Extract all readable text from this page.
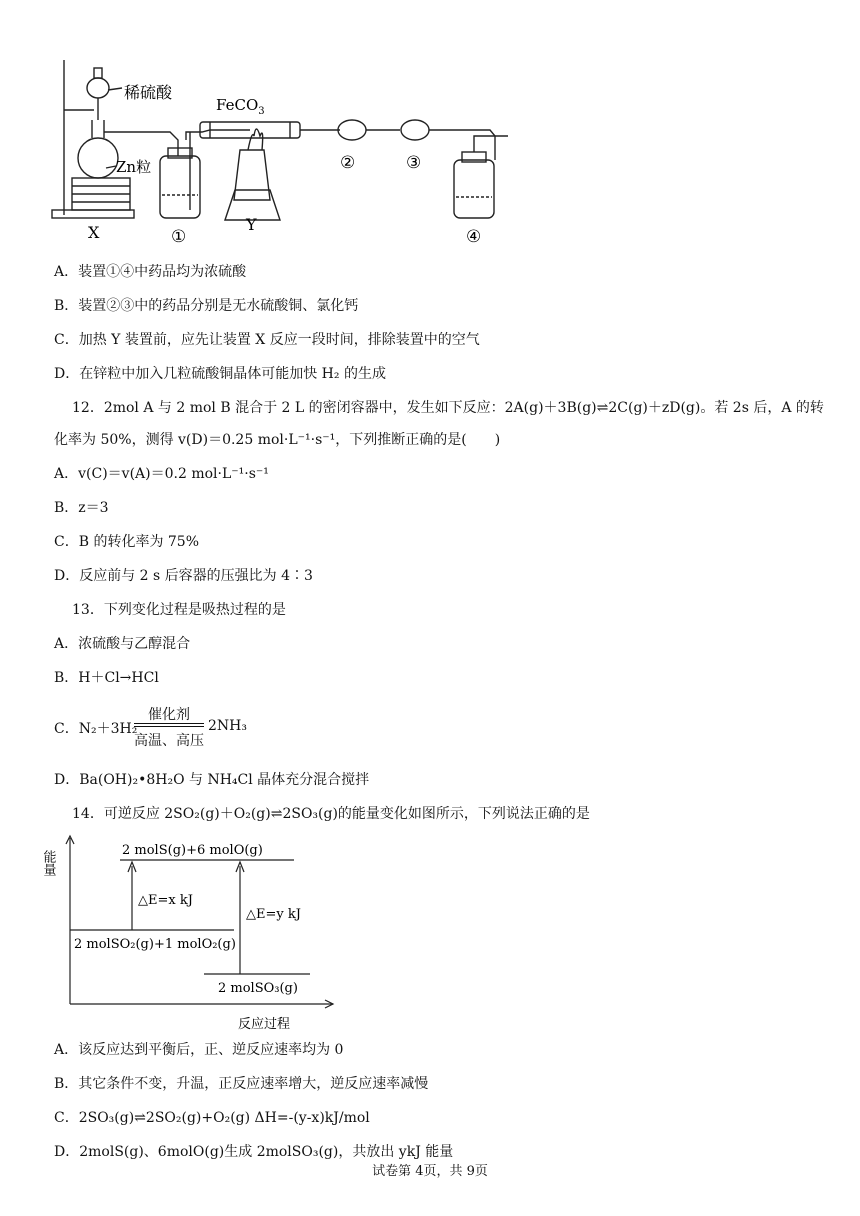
稀硫酸
FeCO$_3$
Zn粒
X	Y
①
②	③
④
A．装置①④中药品均为浓硫酸
B．装置②③中的药品分别是无水硫酸铜、氯化钙
C．加热 Y 装置前，应先让装置 X 反应一段时间，排除装置中的空气
D．在锌粒中加入几粒硫酸铜晶体可能加快 H₂ 的生成
12．2mol A 与 2 mol B 混合于 2 L 的密闭容器中，发生如下反应：2A(g)＋3B(g)⇌2C(g)＋zD(g)。若 2s 后，A 的转
化率为 50%，测得 v(D)＝0.25 mol·L⁻¹·s⁻¹，下列推断正确的是(　　)
A．v(C)＝v(A)＝0.2 mol·L⁻¹·s⁻¹
B．z＝3
C．B 的转化率为 75%
D．反应前与 2 s 后容器的压强比为 4∶3
13．下列变化过程是吸热过程的是
A．浓硫酸与乙醇混合
B．H＋Cl→HCl
C．N₂＋3H₂
催化剂
高温、高压
2NH₃
D．Ba(OH)₂•8H₂O 与 NH₄Cl 晶体充分混合搅拌
14．可逆反应 2SO₂(g)＋O₂(g)⇌2SO₃(g)的能量变化如图所示，下列说法正确的是
能量
反应过程
2 molS(g)+6 molO(g)
2 molSO₂(g)+1 molO₂(g)
2 molSO₃(g)
△E=x kJ
△E=y kJ
A．该反应达到平衡后，正、逆反应速率均为 0
B．其它条件不变，升温，正反应速率增大，逆反应速率减慢
C．2SO₃(g)⇌2SO₂(g)+O₂(g) ΔH=-(y-x)kJ/mol
D．2molS(g)、6molO(g)生成 2molSO₃(g)，共放出 ykJ 能量
试卷第 4页，共 9页
